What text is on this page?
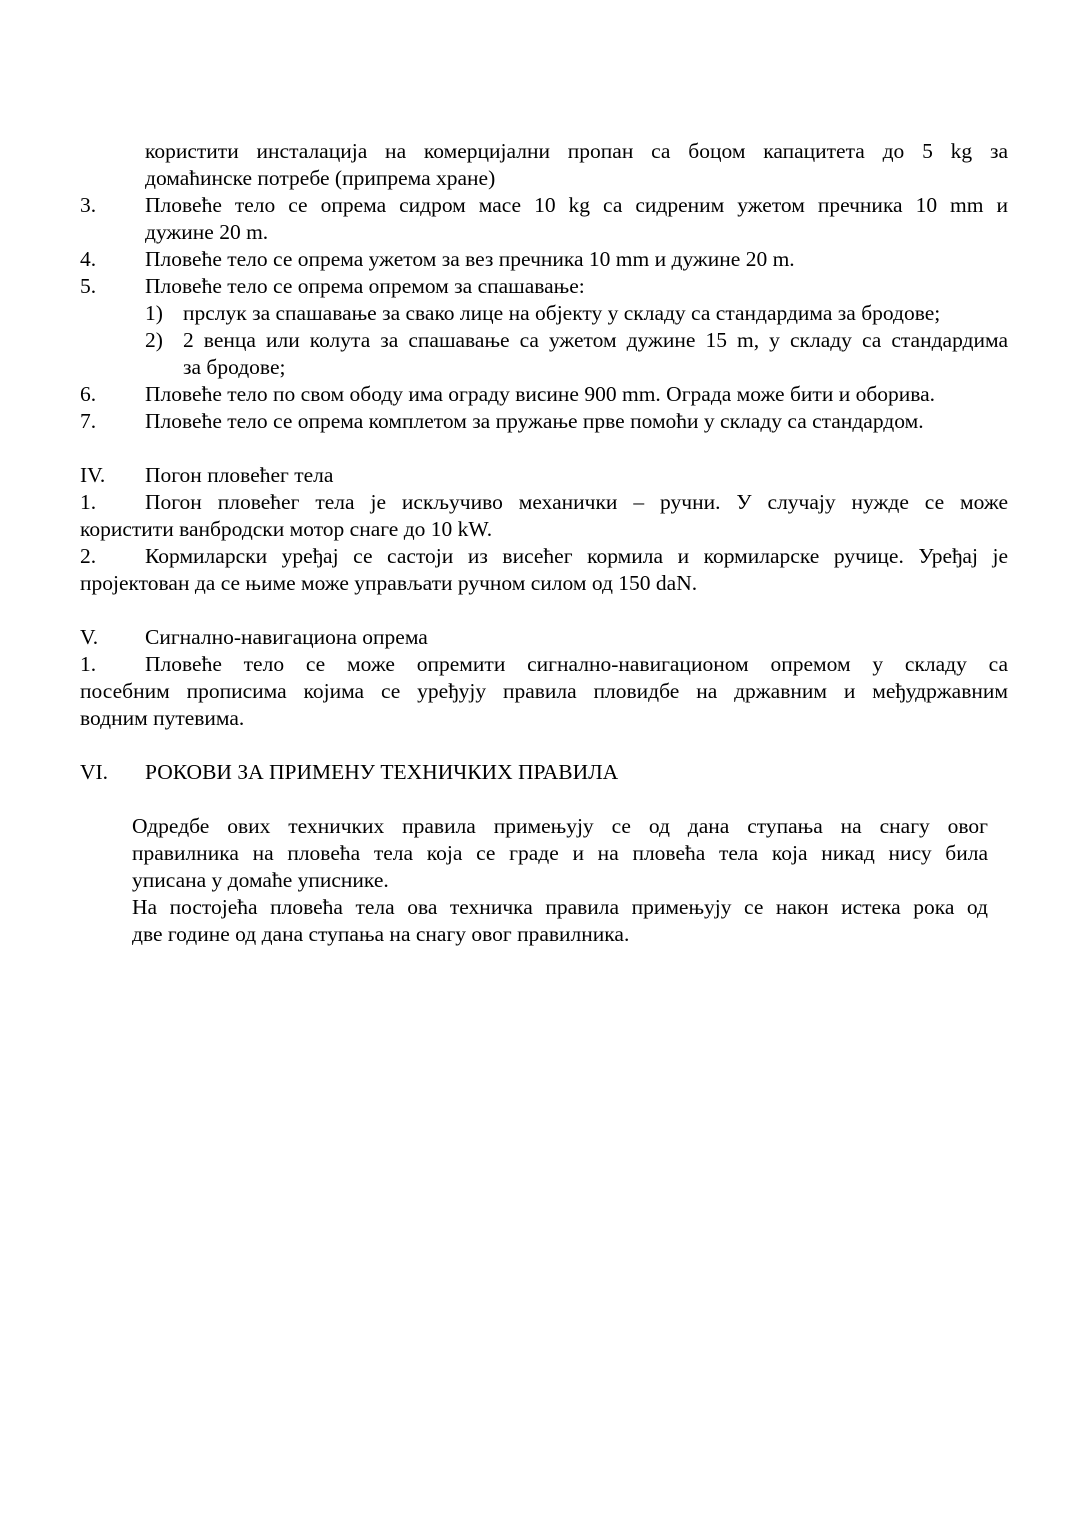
користити инсталација на комерцијални пропан са боцом капацитета до 5 kg за
домаћинске потребе (припрема хране)
3. Пловеће тело се опрема сидром масе 10 kg са сидреним ужетом пречника 10 mm и
дужине 20 m.
4. Пловеће тело се опрема ужетом за вез пречника 10 mm и дужине 20 m.
5. Пловеће тело се опрема опремом за спашавање:
1) прслук за спашавање за свако лице на објекту у складу са стандардима за бродове;
2) 2 венца или колута за спашавање са ужетом дужине 15 m, у складу са стандардима
за бродове;
6. Пловеће тело по свом ободу има ограду висине 900 mm. Ограда може бити и оборива.
7. Пловеће тело се опрема комплетом за пружање прве помоћи у складу са стандардом.
IV. Погон пловећег тела
1. Погон пловећег тела је искључиво механички – ручни. У случају нужде се може
користити ванбродски мотор снаге до 10 kW.
2. Кормиларски уређај се састоји из висећег кормила и кормиларске ручице. Уређај је
пројектован да се њиме може управљати ручном силом од 150 daN.
V. Сигнално-навигациона опрема
1. Пловеће тело се може опремити сигнално-навигационом опремом у складу са
посебним прописима којима се уређују правила пловидбе на државним и међудржавним
водним путевима.
VI. РОКОВИ ЗА ПРИМЕНУ ТЕХНИЧКИХ ПРАВИЛА
Одредбе ових техничких правила примењују се од дана ступања на снагу овог
правилника на пловећа тела која се граде и на пловећа тела која никад нису била
уписана у домаће уписнике.
На постојећа пловећа тела ова техничка правила примењују се након истека рока од
две године од дана ступања на снагу овог правилника.
